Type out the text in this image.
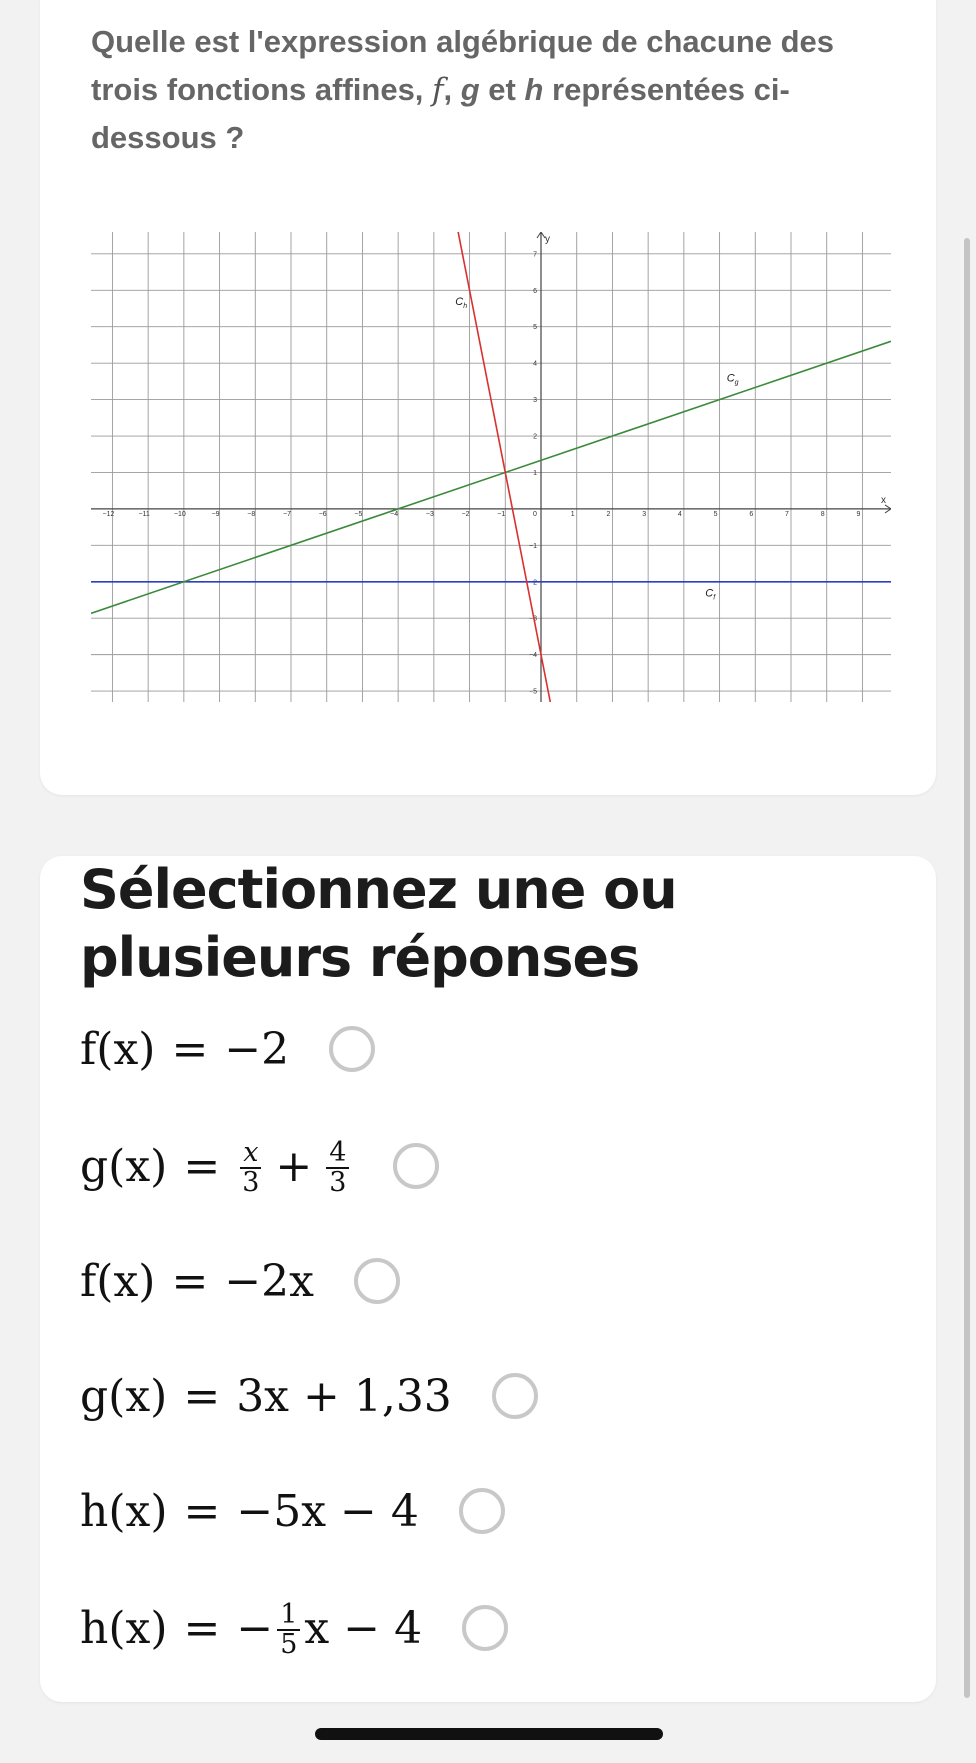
Quelle est l'expression algébrique de chacune des trois fonctions affines, f, g et h représentées ci-dessous ?
−12	−11	−10	−9	−8	−7	−6	−5	−4	−3	−2	−1	0	1	2	3	4	5	6	7	8	9
−5
−4
−3
−2
−1
1
2
3
4
5
6
7
x
y
$C_f$
$C_g$
$C_h$
Sélectionnez une ou plusieurs réponses
f(x) = −2
$g(x) = \frac{x}{3} + \frac{4}{3}$
f(x) = −2x
g(x) = 3x + 1,33
h(x) = −5x − 4
h(x) = − $\frac{1}{5}$ x − 4
